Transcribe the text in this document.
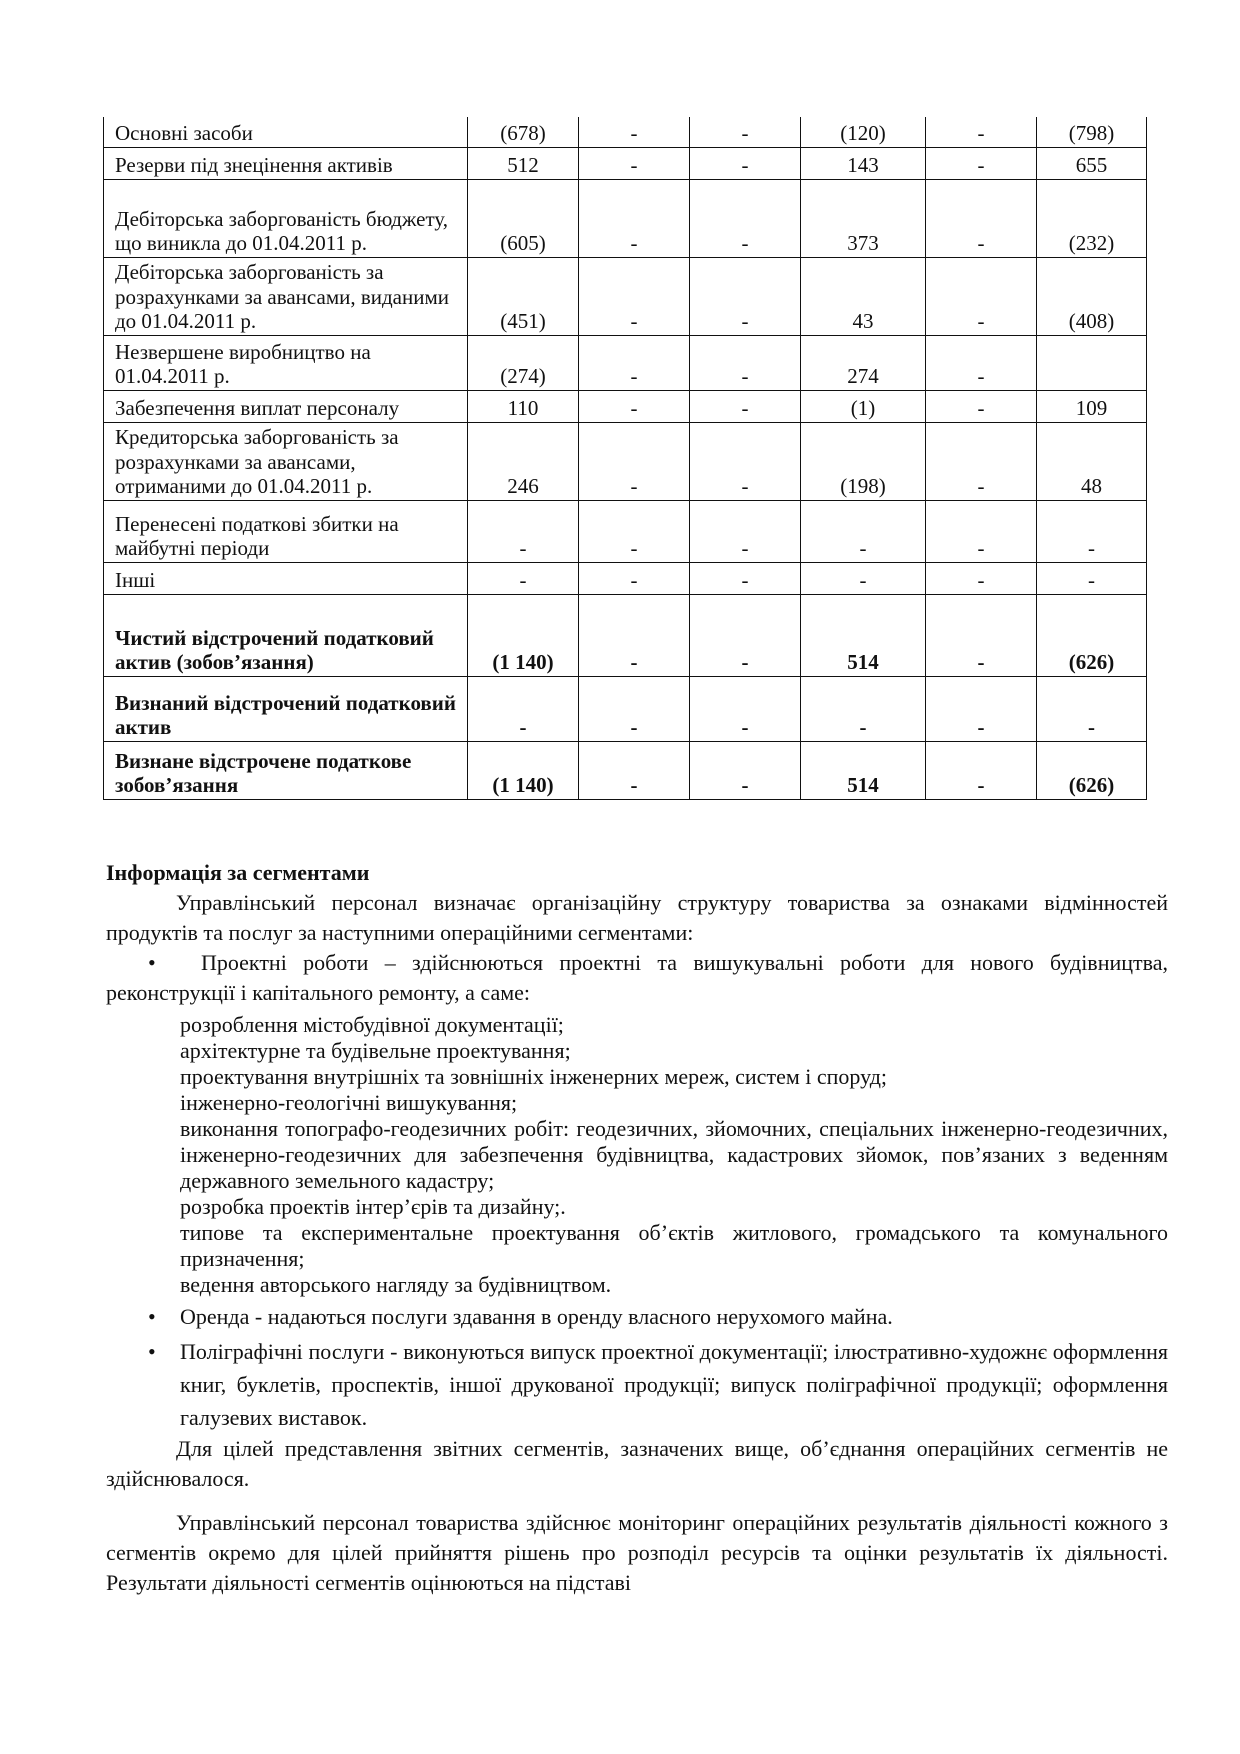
Основні засоби	(678)	-	-	(120)	-	(798)
Резерви під знецінення активів	512	-	-	143	-	655
Дебіторська заборгованість бюджету, що виникла до 01.04.2011 р.	(605)	-	-	373	-	(232)
Дебіторська заборгованість за розрахунками за авансами, виданими до 01.04.2011 р.	(451)	-	-	43	-	(408)
Незвершене виробництво на 01.04.2011 р.	(274)	-	-	274	-	
Забезпечення виплат персоналу	110	-	-	(1)	-	109
Кредиторська заборгованість за розрахунками за авансами, отриманими до 01.04.2011 р.	246	-	-	(198)	-	48
Перенесені податкові збитки на майбутні періоди	-	-	-	-	-	-
Інші	-	-	-	-	-	-
Чистий відстрочений податковий актив (зобов’язання)	(1 140)	-	-	514	-	(626)
Визнаний відстрочений податковий актив	-	-	-	-	-	-
Визнане відстрочене податкове зобов’язання	(1 140)	-	-	514	-	(626)

Інформація за сегментами

Управлінський персонал визначає організаційну структуру товариства за ознаками відмінностей продуктів та послуг за наступними операційними сегментами:

•	Проектні роботи – здійснюються проектні та вишукувальні роботи для нового будівництва, реконструкції і капітального ремонту, а саме:

розроблення містобудівної документації;

архітектурне та будівельне проектування;

проектування внутрішніх та зовнішніх інженерних мереж, систем і споруд;

інженерно-геологічні вишукування;

виконання топографо-геодезичних робіт: геодезичних, зйомочних, спеціальних інженерно-геодезичних, інженерно-геодезичних для забезпечення будівництва, кадастрових зйомок, пов’язаних з веденням державного земельного кадастру;

розробка проектів інтер’єрів та дизайну;.

типове та експериментальне проектування об’єктів житлового, громадського та комунального призначення;

ведення авторського нагляду за будівництвом.

• Оренда - надаються послуги здавання в оренду власного нерухомого майна.
• Поліграфічні послуги - виконуються випуск проектної документації; ілюстративно-художнє оформлення книг, буклетів, проспектів, іншої друкованої продукції; випуск поліграфічної продукції; оформлення галузевих виставок.

Для цілей представлення звітних сегментів, зазначених вище, об’єднання операційних сегментів не здійснювалося.

Управлінський персонал товариства здійснює моніторинг операційних результатів діяльності кожного з сегментів окремо для цілей прийняття рішень про розподіл ресурсів та оцінки результатів їх діяльності. Результати діяльності сегментів оцінюються на підставі
